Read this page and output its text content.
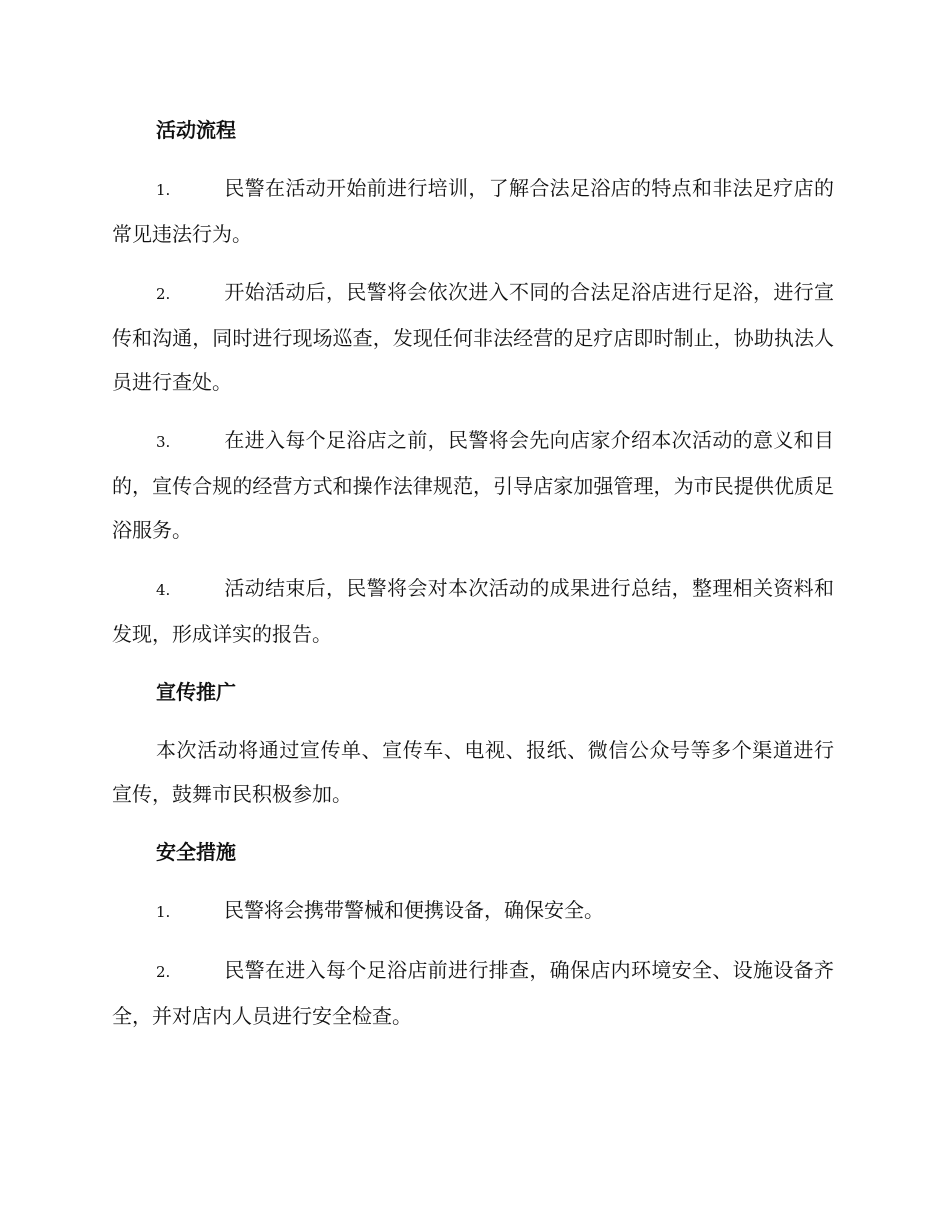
活动流程

1.	民警在活动开始前进行培训，了解合法足浴店的特点和非法足疗店的常见违法行为。

2.	开始活动后，民警将会依次进入不同的合法足浴店进行足浴，进行宣传和沟通，同时进行现场巡查，发现任何非法经营的足疗店即时制止，协助执法人员进行查处。

3.	在进入每个足浴店之前，民警将会先向店家介绍本次活动的意义和目的，宣传合规的经营方式和操作法律规范，引导店家加强管理，为市民提供优质足浴服务。

4.	活动结束后，民警将会对本次活动的成果进行总结，整理相关资料和发现，形成详实的报告。

宣传推广

本次活动将通过宣传单、宣传车、电视、报纸、微信公众号等多个渠道进行宣传，鼓舞市民积极参加。

安全措施

1.	民警将会携带警械和便携设备，确保安全。

2.	民警在进入每个足浴店前进行排查，确保店内环境安全、设施设备齐全，并对店内人员进行安全检查。
